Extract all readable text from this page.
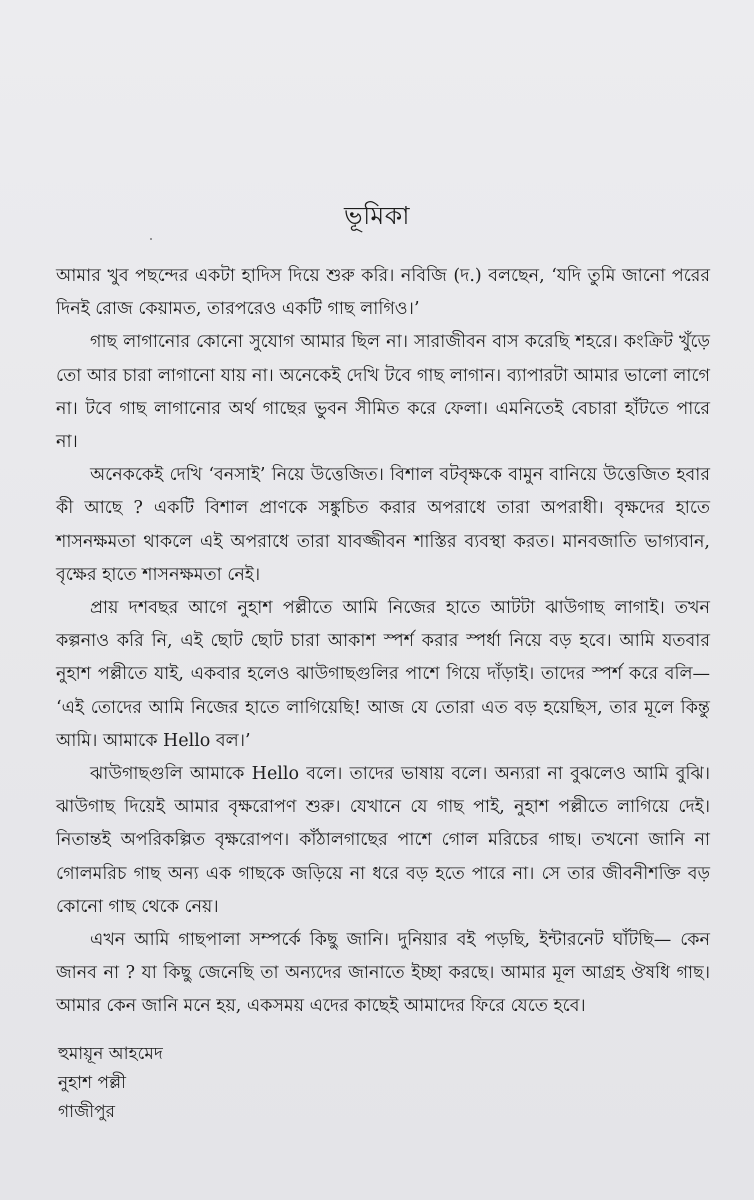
ভূমিকা

আমার খুব পছন্দের একটা হাদিস দিয়ে শুরু করি। নবিজি (দ.) বলছেন, ‘যদি তুমি জানো পরের দিনই রোজ কেয়ামত, তারপরেও একটি গাছ লাগিও।’

গাছ লাগানোর কোনো সুযোগ আমার ছিল না। সারাজীবন বাস করেছি শহরে। কংক্রিট খুঁড়ে তো আর চারা লাগানো যায় না। অনেকেই দেখি টবে গাছ লাগান। ব্যাপারটা আমার ভালো লাগে না। টবে গাছ লাগানোর অর্থ গাছের ভুবন সীমিত করে ফেলা। এমনিতেই বেচারা হাঁটতে পারে না।

অনেককেই দেখি ‘বনসাই’ নিয়ে উত্তেজিত। বিশাল বটবৃক্ষকে বামুন বানিয়ে উত্তেজিত হবার কী আছে ? একটি বিশাল প্রাণকে সঙ্কুচিত করার অপরাধে তারা অপরাধী। বৃক্ষদের হাতে শাসনক্ষমতা থাকলে এই অপরাধে তারা যাবজ্জীবন শাস্তির ব্যবস্থা করত। মানবজাতি ভাগ্যবান, বৃক্ষের হাতে শাসনক্ষমতা নেই।

প্রায় দশবছর আগে নুহাশ পল্লীতে আমি নিজের হাতে আটটা ঝাউগাছ লাগাই। তখন কল্পনাও করি নি, এই ছোট ছোট চারা আকাশ স্পর্শ করার স্পর্ধা নিয়ে বড় হবে। আমি যতবার নুহাশ পল্লীতে যাই, একবার হলেও ঝাউগাছগুলির পাশে গিয়ে দাঁড়াই। তাদের স্পর্শ করে বলি— ‘এই তোদের আমি নিজের হাতে লাগিয়েছি! আজ যে তোরা এত বড় হয়েছিস, তার মূলে কিন্তু আমি। আমাকে Hello বল।’

ঝাউগাছগুলি আমাকে Hello বলে। তাদের ভাষায় বলে। অন্যরা না বুঝলেও আমি বুঝি। ঝাউগাছ দিয়েই আমার বৃক্ষরোপণ শুরু। যেখানে যে গাছ পাই, নুহাশ পল্লীতে লাগিয়ে দেই। নিতান্তই অপরিকল্পিত বৃক্ষরোপণ। কাঁঠালগাছের পাশে গোল মরিচের গাছ। তখনো জানি না গোলমরিচ গাছ অন্য এক গাছকে জড়িয়ে না ধরে বড় হতে পারে না। সে তার জীবনীশক্তি বড় কোনো গাছ থেকে নেয়।

এখন আমি গাছপালা সম্পর্কে কিছু জানি। দুনিয়ার বই পড়ছি, ইন্টারনেট ঘাঁটছি— কেন জানব না ? যা কিছু জেনেছি তা অন্যদের জানাতে ইচ্ছা করছে। আমার মূল আগ্রহ ঔষধি গাছ। আমার কেন জানি মনে হয়, একসময় এদের কাছেই আমাদের ফিরে যেতে হবে।

হুমায়ূন আহমেদ
নুহাশ পল্লী
গাজীপুর
